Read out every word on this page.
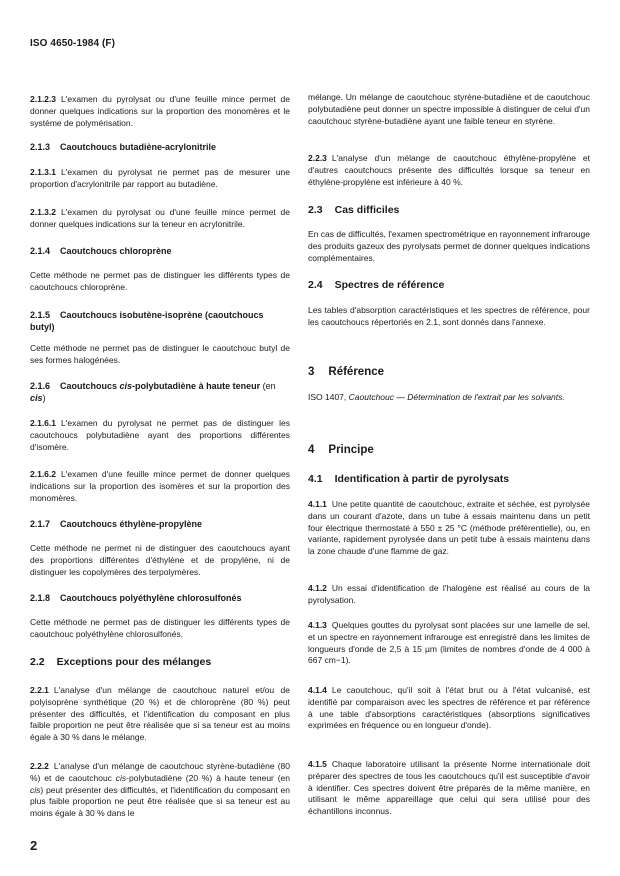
ISO 4650-1984 (F)
2.1.2.3 L'examen du pyrolysat ou d'une feuille mince permet de donner quelques indications sur la proportion des monomères et le système de polymérisation.
2.1.3 Caoutchoucs butadiène-acrylonitrile
2.1.3.1 L'examen du pyrolysat ne permet pas de mesurer une proportion d'acrylonitrile par rapport au butadiène.
2.1.3.2 L'examen du pyrolysat ou d'une feuille mince permet de donner quelques indications sur la teneur en acrylonitrile.
2.1.4 Caoutchoucs chloroprène
Cette méthode ne permet pas de distinguer les différents types de caoutchoucs chloroprène.
2.1.5 Caoutchoucs isobutène-isoprène (caoutchoucs butyl)
Cette méthode ne permet pas de distinguer le caoutchouc butyl de ses formes halogénées.
2.1.6 Caoutchoucs cis-polybutadiène à haute teneur (en cis)
2.1.6.1 L'examen du pyrolysat ne permet pas de distinguer les caoutchoucs polybutadiène ayant des proportions différentes d'isomère.
2.1.6.2 L'examen d'une feuille mince permet de donner quelques indications sur la proportion des isomères et sur la proportion des monomères.
2.1.7 Caoutchoucs éthylène-propylène
Cette méthode ne permet ni de distinguer des caoutchoucs ayant des proportions différentes d'éthylène et de propylène, ni de distinguer les copolymères des terpolymères.
2.1.8 Caoutchoucs polyéthylène chlorosulfonés
Cette méthode ne permet pas de distinguer les différents types de caoutchouc polyéthylène chlorosulfonés.
2.2 Exceptions pour des mélanges
2.2.1 L'analyse d'un mélange de caoutchouc naturel et/ou de polyisoprène synthétique (20 %) et de chloroprène (80 %) peut présenter des difficultés, et l'identification du composant en plus faible proportion ne peut être réalisée que si sa teneur est au moins égale à 30 % dans le mélange.
2.2.2 L'analyse d'un mélange de caoutchouc styrène-butadiène (80 %) et de caoutchouc cis-polybutadiène (20 %) à haute teneur (en cis) peut présenter des difficultés, et l'identification du composant en plus faible proportion ne peut être réalisée que si sa teneur est au moins égale à 30 % dans le
mélange. Un mélange de caoutchouc styrène-butadiène et de caoutchouc polybutadiène peut donner un spectre impossible à distinguer de celui d'un caoutchouc styrène-butadiène ayant une faible teneur en styrène.
2.2.3 L'analyse d'un mélange de caoutchouc éthylène-propylène et d'autres caoutchoucs présente des difficultés lorsque sa teneur en éthylène-propylène est inférieure à 40 %.
2.3 Cas difficiles
En cas de difficultés, l'examen spectrométrique en rayonnement infrarouge des produits gazeux des pyrolysats permet de donner quelques indications complémentaires.
2.4 Spectres de référence
Les tables d'absorption caractéristiques et les spectres de référence, pour les caoutchoucs répertoriés en 2.1, sont donnés dans l'annexe.
3 Référence
ISO 1407, Caoutchouc — Détermination de l'extrait par les solvants.
4 Principe
4.1 Identification à partir de pyrolysats
4.1.1 Une petite quantité de caoutchouc, extraite et séchée, est pyrolysée dans un courant d'azote, dans un tube à essais maintenu dans un petit four électrique thermostaté à 550 ± 25 °C (méthode préférentielle), ou, en variante, rapidement pyrolysée dans un petit tube à essais maintenu dans la zone chaude d'une flamme de gaz.
4.1.2 Un essai d'identification de l'halogène est réalisé au cours de la pyrolysation.
4.1.3 Quelques gouttes du pyrolysat sont placées sur une lamelle de sel, et un spectre en rayonnement infrarouge est enregistré dans les limites de longueurs d'onde de 2,5 à 15 µm (limites de nombres d'onde de 4 000 à 667 cm−1).
4.1.4 Le caoutchouc, qu'il soit à l'état brut ou à l'état vulcanisé, est identifié par comparaison avec les spectres de référence et par référence à une table d'absorptions caractéristiques (absorptions significatives exprimées en fréquence ou en longueur d'onde).
4.1.5 Chaque laboratoire utilisant la présente Norme internationale doit préparer des spectres de tous les caoutchoucs qu'il est susceptible d'avoir à identifier. Ces spectres doivent être préparés de la même manière, en utilisant le même appareillage que celui qui sera utilisé pour des échantillons inconnus.
2
